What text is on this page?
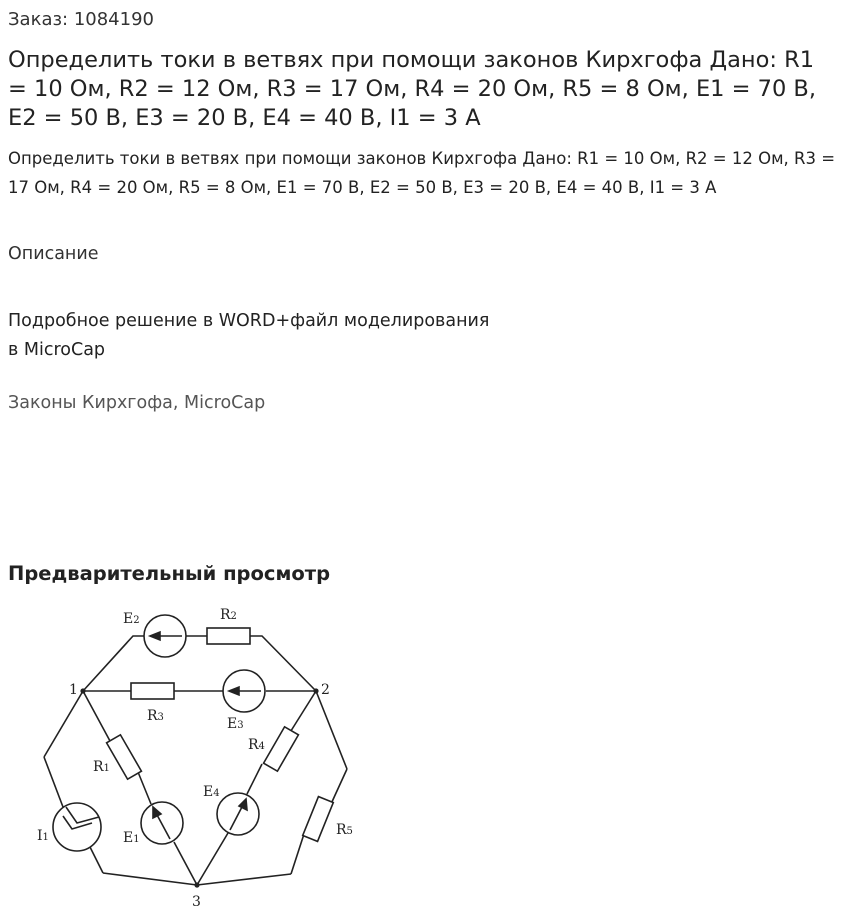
Заказ: 1084190
Определить токи в ветвях при помощи законов Кирхгофа Дано: R1 = 10 Ом, R2 = 12 Ом, R3 = 17 Ом, R4 = 20 Ом, R5 = 8 Ом, E1 = 70 В, E2 = 50 В, E3 = 20 В, E4 = 40 В, I1 = 3 А
Определить токи в ветвях при помощи законов Кирхгофа Дано: R1 = 10 Ом, R2 = 12 Ом, R3 = 17 Ом, R4 = 20 Ом, R5 = 8 Ом, E1 = 70 В, E2 = 50 В, E3 = 20 В, E4 = 40 В, I1 = 3 А
Описание
Подробное решение в WORD+файл моделирования
в MicroCap
Законы Кирхгофа, MicroCap
Предварительный просмотр
1	2
3
E2	R2
R3	E3
R1
R4
E4
E1
I1	R5
